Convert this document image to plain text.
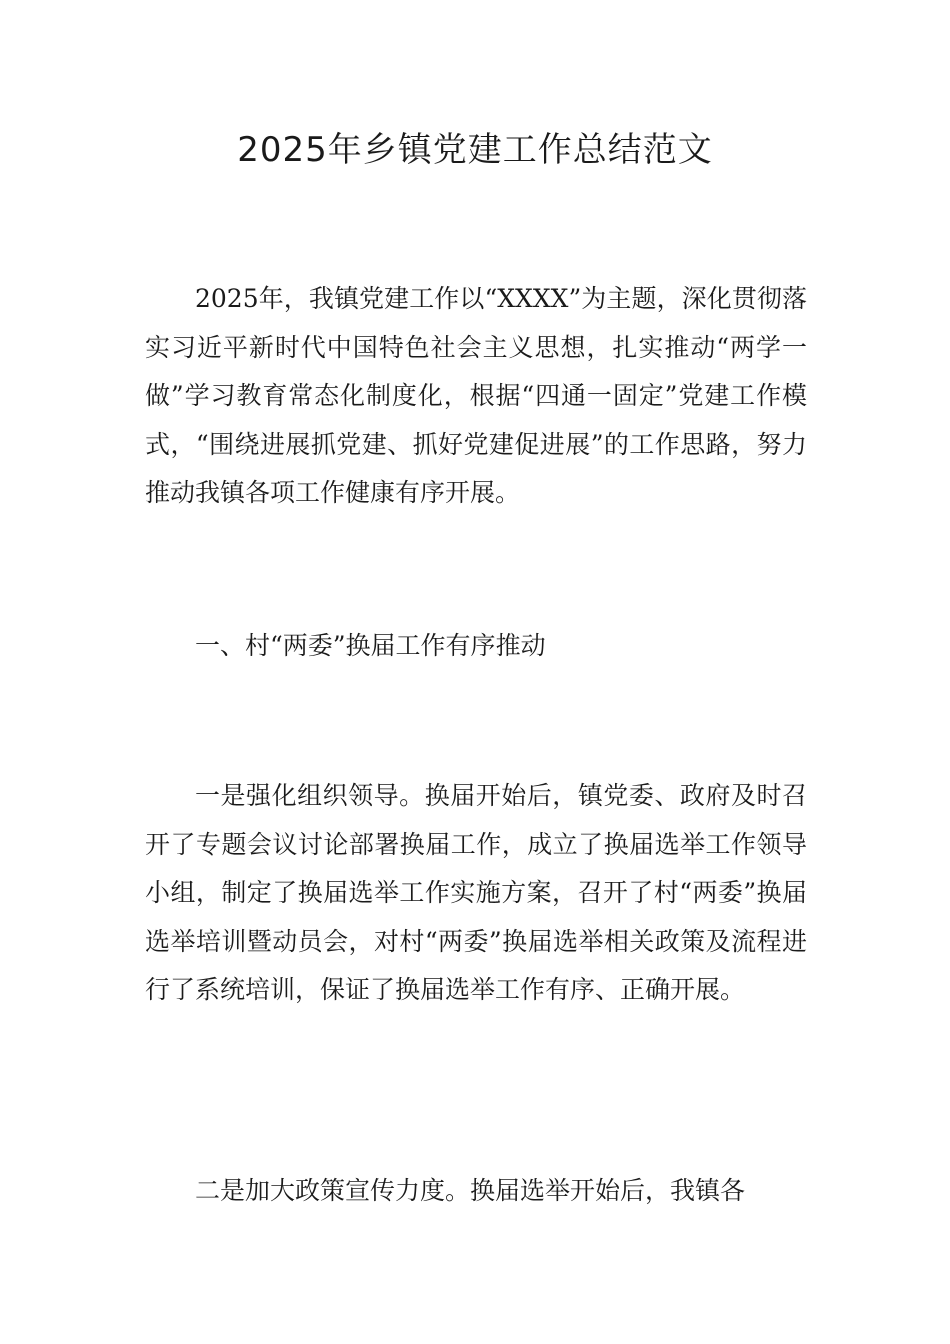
2025年乡镇党建工作总结范文

2025年，我镇党建工作以“XXXX”为主题，深化贯彻落实习近平新时代中国特色社会主义思想，扎实推动“两学一做”学习教育常态化制度化，根据“四通一固定”党建工作模式，“围绕进展抓党建、抓好党建促进展”的工作思路，努力推动我镇各项工作健康有序开展。

一、村“两委”换届工作有序推动

一是强化组织领导。换届开始后，镇党委、政府及时召开了专题会议讨论部署换届工作，成立了换届选举工作领导小组，制定了换届选举工作实施方案，召开了村“两委”换届选举培训暨动员会，对村“两委”换届选举相关政策及流程进行了系统培训，保证了换届选举工作有序、正确开展。

二是加大政策宣传力度。换届选举开始后，我镇各
